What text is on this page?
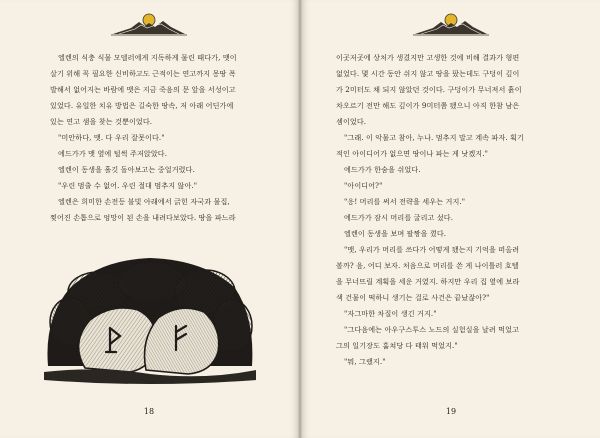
엘렌의 식충 식물 모델러에게 지독하게 물린 때다가, 맷이

살기 위해 꼭 필요한 신비하고도 근적이는 연고까지 몽땅 폭

발해서 없어지는 바람에 맷은 지금 죽음의 문 앞을 서성이고

있었다. 유일한 치유 방법은 길숙한 땅속, 저 아래 어딘가에

있는 연고 샘을 찾는 것뿐이었다.

"미안하다, 맷. 다 우리 잘못이다."

에드가가 맷 옆에 털썩 주저앉았다.

엘렌이 동생을 흘깃 돌아보고는 중얼거렸다.

"우린 멈출 수 없어. 우린 절대 멈추지 않아."

엘렌은 희미한 손전등 불빛 아래에서 긁힌 자국과 물집,

찢어진 손톱으로 엉망이 된 손을 내려다보았다. 땅을 파느라

18

이곳저곳에 상처가 생겼지만 고생한 것에 비해 결과가 형편

없었다. 몇 시간 동안 쉬지 않고 땅을 팠는데도 구덩이 깊이

가 2미터도 채 되지 않았던 것이다. 구덩이가 무너져서 흙이

차오르기 전만 해도 깊이가 9미터쯤 됐으니 아직 한참 남은

셈이었다.

"그래. 이 악물고 참아, 누나. 멈추지 말고 계속 파자. 획기

적인 아이디어가 없으면 땅이나 파는 게 낫겠지."

에드가가 한숨을 쉬었다.

"아이디어?"

"응! 머리를 써서 전략을 세우는 거지."

에드가가 잠시 머리를 굴리고 섰다.

엘렌이 동생을 보며 팔짱을 꼈다.

"맷, 우리가 머리를 쓰다가 어떻게 됐는지 기억을 떠올려

볼까? 음, 어디 보자. 처음으로 머리를 쓴 게 나이틀러 호텔

을 무너뜨릴 계획을 세운 거였지. 하지만 우리 집 옆에 보라

색 건물이 떡하니 생기는 걸로 사건은 끝났잖아?"

"자그마한 차질이 생긴 거지."

"그다음에는 아우구스투스 노드의 실험실을 날려 먹었고

그의 일기장도 훔쳐당 다 태워 먹었지."

"뭐, 그랬지."

19
